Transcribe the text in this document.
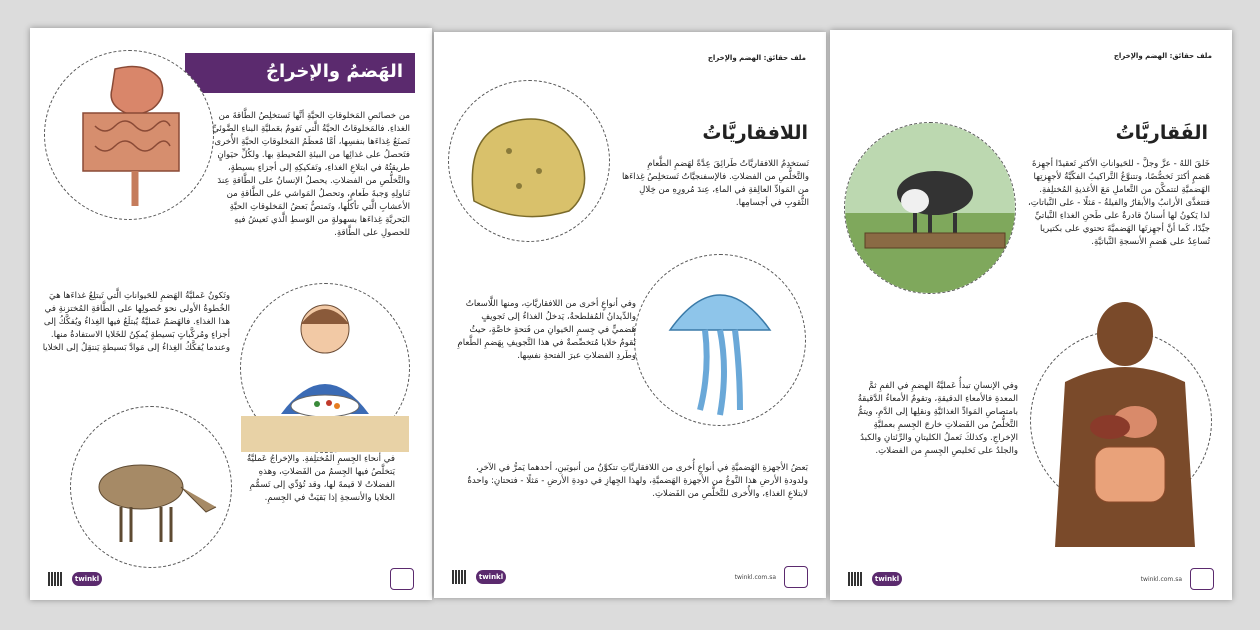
الهَضمُ والإخراجُ
من خصائصِ المَخلوقاتِ الحيَّةِ أنَّها تَستخلِصُ الطَّاقةَ من الغذاءِ. فالمَخلوقاتُ الحيَّةُ الَّتي تَقومُ بعَمليَّةِ البناءِ الضَّوئيِّ تَصنَعُ غِذاءَها بنفسِها، أمَّا مُعظَمُ المَخلوقاتِ الحيَّةِ الأُخرى فتَحصلُ على غذائِها من البيئةِ المُحيطةِ بها. ولكُلِّ حيَوانٍ طريقتُهُ في ابتلاعِ الغذاءِ، وتَفكيكِهِ إلى أجزاءٍ بسيطةٍ، والتَّخلُّصِ من الفضلاتِ. يحصلُ الإنسانُ على الطَّاقةِ عِندَ تَناولِهِ وَجبةَ طَعامٍ، وتحصلُ المَواشي على الطَّاقةِ من الأعشابِ الَّتي تأكلُها، وتَمتصُّ بَعضُ المَخلوقاتِ الحيَّةِ البَحريَّةِ غِذاءَها بسهولةٍ من الوَسطِ الَّذي تَعيشُ فيهِ للحصولِ على الطَّاقةِ.
وتَكونُ عَمليَّةُ الهَضمِ للحَيواناتِ الَّتي تَبتلِعُ غذاءَها هيَ الخُطوةُ الأولى نحوَ حُصولِها على الطَّاقةِ المُختزنةِ في هذا الغذاءِ. فالهَضمُ عَمليَّةٌ يُبتلَعُ فيها الغِذاءُ ويُفكَّكُ إلى أجزاءٍ ومُركَّباتٍ بَسيطةٍ يُمكِنُ للخَلايا الاستفادةُ منها. وعندما يُفكَّكُ الغِذاءُ إلى مَوادَّ بَسيطةٍ يَنتقِلُ إلى الخلايا
في أنحاءِ الجِسمِ المُختلِفةِ. والإخراجُ عَمليَّةٌ يَتخلَّصُ فيها الجِسمُ من الفَضلاتِ، وهذهِ الفضلاتُ لا قيمةَ لها، وقد تُؤدِّي إلى تَسمُّمِ الخلايا والأنسجةِ إذا بَقيَتْ في الجِسمِ.
twinkl
ملف حقائق: الهضم والإخراج
اللافقاريَّاتُ
تَستخدِمُ اللافقاريَّاتُ طَرائِقَ عِدَّةً لهَضمِ الطَّعامِ والتَّخلُّصِ من الفضلاتِ. فالإسفنجيَّاتُ تَستخلِصُ غِذاءَها من المَوادِّ العالِقةِ في الماءِ، عِندَ مُرورِهِ من خِلالِ الثُّقوبِ في أجسامِها.
وفي أنواعٍ أخرى من اللافقاريَّاتِ، ومنها اللَّاسعاتُ والدِّيدانُ المُفلطحةُ، يَدخلُ الغذاءُ إلى تَجويفٍ هَضميٍّ في جِسمِ الحَيوانِ من فَتحةٍ خاصَّةٍ، حيثُ تَقومُ خلايا مُتخصِّصةٌ في هذا التَّجويفِ بِهَضمِ الطَّعامِ وطَردِ الفضلاتِ عبرَ الفتحةِ نفسِها.
بَعضُ الأجهزةِ الهَضميَّةِ في أنواعٍ أُخرى من اللافقاريَّاتِ تتكوَّنُ من أنبوبَينِ، أحدهما يَمرُّ في الآخرِ، ولدودةِ الأرضِ هذا النَّوعُ من الأجهزةِ الهَضميَّةِ، ولهذا الجِهازِ في دودةِ الأرضِ - مَثلًا - فتحتانِ: واحدةٌ لابتلاعِ الغذاءِ، والأُخرى للتَّخلُّصِ من الفَضلاتِ.
twinkl	twinkl.com.sa
ملف حقائق: الهضم والإخراج
الفَقاريَّاتُ
خَلقَ اللهُ - عزَّ وجلَّ - للحَيواناتِ الأكثرِ تَعقيدًا أجهِزةَ هَضمٍ أكثرَ تَخصُّصًا، وتتنوَّعُ التَّراكيبُ الفكّيَّةُ لأجهِزتِها الهَضميَّةِ لتتمكَّنَ من التَّعاملِ مَعَ الأغذيةِ المُختلِفةِ. فتتغذَّى الأرانبُ والأبقارُ والفيلةُ - مَثلًا - على النَّباتاتِ، لذا يَكونُ لها أسنانٌ قادرةٌ على طَحنِ الغذاءِ النَّباتيِّ جيِّدًا، كَما أنَّ أجهِزتَها الهَضميَّةَ تحتوي على بكتيريا تُساعِدُ على هَضمِ الأنسجةِ النَّباتيَّةِ.
وفي الإنسانِ تبدأُ عَمليَّةُ الهضمِ في الفمِ ثمَّ المعدةِ فالأمعاءِ الدقيقةِ، وتقومُ الأمعاءُ الدَّقيقةُ بامتصاصِ المَوادِّ الغذائيَّةِ ونقلِها إلى الدَّمِ، ويتمُّ التَّخلُّصُ من الفَضلاتِ خارجَ الجِسمِ بعمليَّةِ الإخراجِ. وكذلكَ تَعملُ الكليتانِ والرِّئتانِ والكبدُ والجلدُ على تَخليصِ الجِسمِ من الفضلاتِ.
twinkl	twinkl.com.sa
